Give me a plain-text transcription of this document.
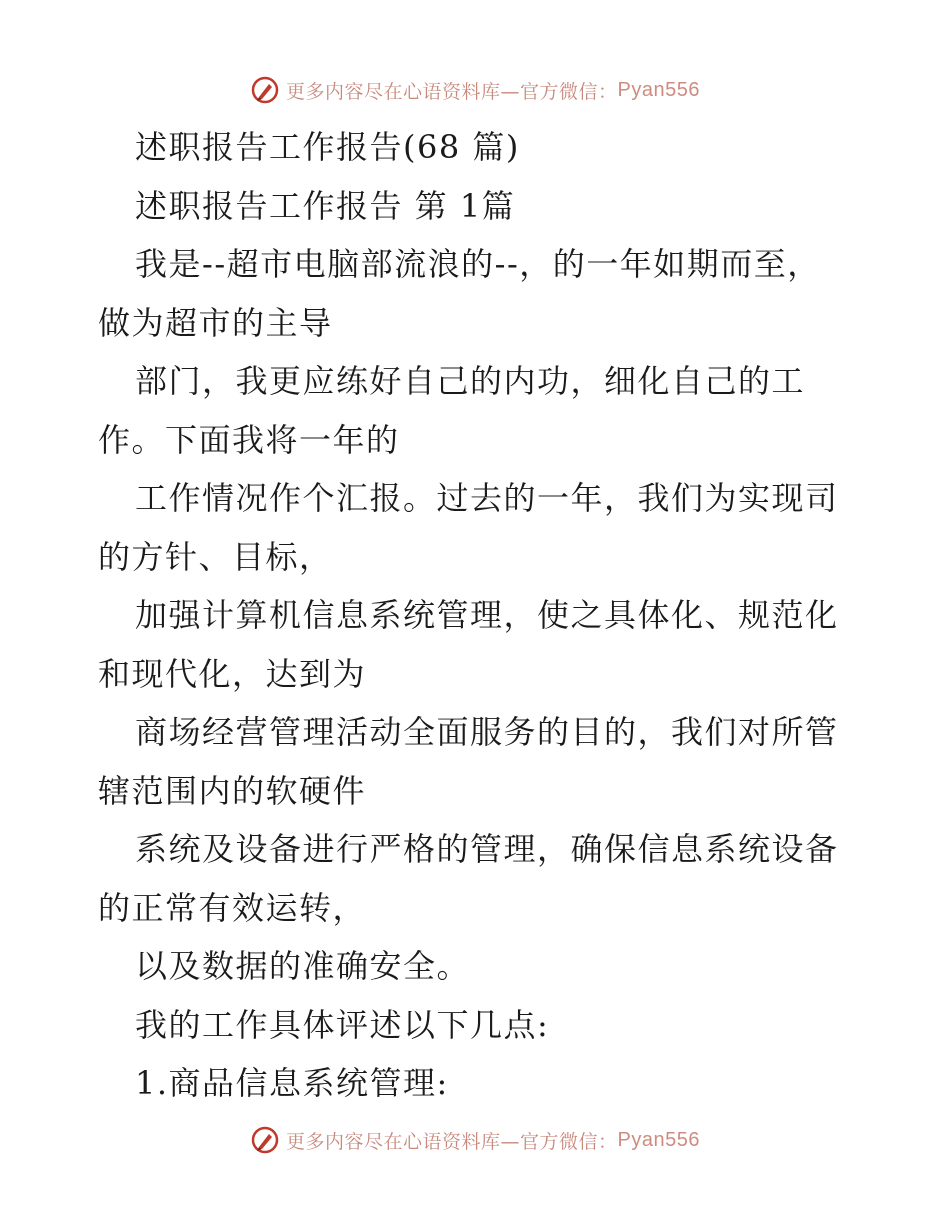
更多内容尽在心语资料库—官方微信： Pyan556
述职报告工作报告(68 篇)
述职报告工作报告 第 1篇
我是--超市电脑部流浪的--，的一年如期而至，
做为超市的主导
部门，我更应练好自己的内功，细化自己的工
作。下面我将一年的
工作情况作个汇报。过去的一年，我们为实现司
的方针、目标，
加强计算机信息系统管理，使之具体化、规范化
和现代化，达到为
商场经营管理活动全面服务的目的，我们对所管
辖范围内的软硬件
系统及设备进行严格的管理，确保信息系统设备
的正常有效运转，
以及数据的准确安全。
我的工作具体评述以下几点:
1.商品信息系统管理:
更多内容尽在心语资料库—官方微信： Pyan556
